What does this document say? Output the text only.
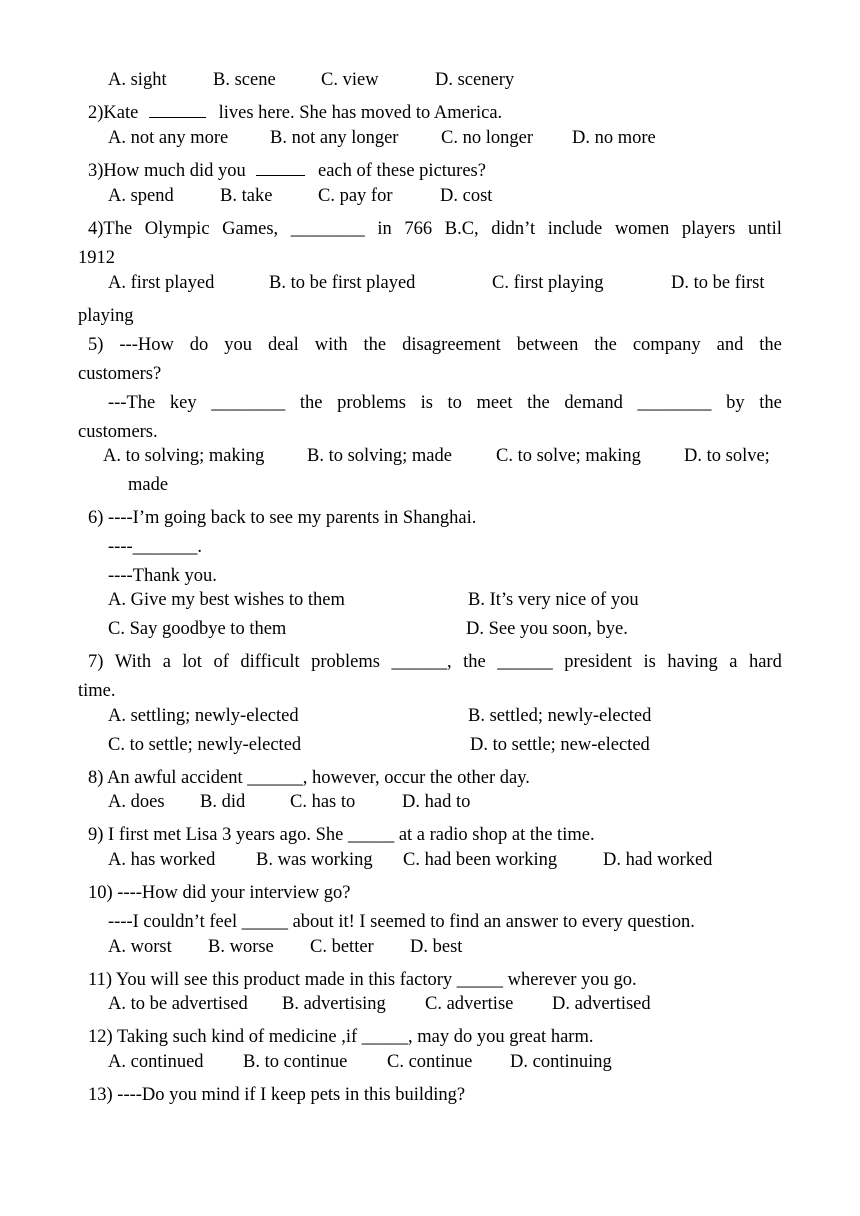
A. sight	B. scene C. view	D. scenery
2)Kate	lives here. She has moved to America.
A. not any more B. not any longer C. no longer D. no more
3)How much did you	each of these pictures?
A. spend B. take C. pay for	D. cost
4)The Olympic Games, ________ in 766 B.C, didn’t include women players until
1912
A. first played	B. to be first played	C. first playing	D. to be first
playing
5) ---How do you deal with the disagreement between the company and the
customers?
---The key ________ the problems is to meet the demand ________ by the
customers.
A. to solving; making B. to solving; made C. to solve; making D. to solve;
made
6) ----I’m going back to see my parents in Shanghai.
----_______.
----Thank you.
A. Give my best wishes to them	B. It’s very nice of you
C. Say goodbye to them	D. See you soon, bye.
7) With a lot of difficult problems ______, the ______ president is having a hard
time.
A. settling; newly-elected	B. settled; newly-elected
C. to settle; newly-elected	D. to settle; new-elected
8) An awful accident ______, however, occur the other day.
A. does B. did C. has to	D. had to
9) I first met Lisa 3 years ago. She _____ at a radio shop at the time.
A. has worked B. was working C. had been working D. had worked
10) ----How did your interview go?
----I couldn’t feel _____ about it! I seemed to find an answer to every question.
A. worst B. worse C. better D. best
11) You will see this product made in this factory _____ wherever you go.
A. to be advertised B. advertising C. advertise D. advertised
12) Taking such kind of medicine ,if _____, may do you great harm.
A. continued B. to continue C. continue D. continuing
13) ----Do you mind if I keep pets in this building?
